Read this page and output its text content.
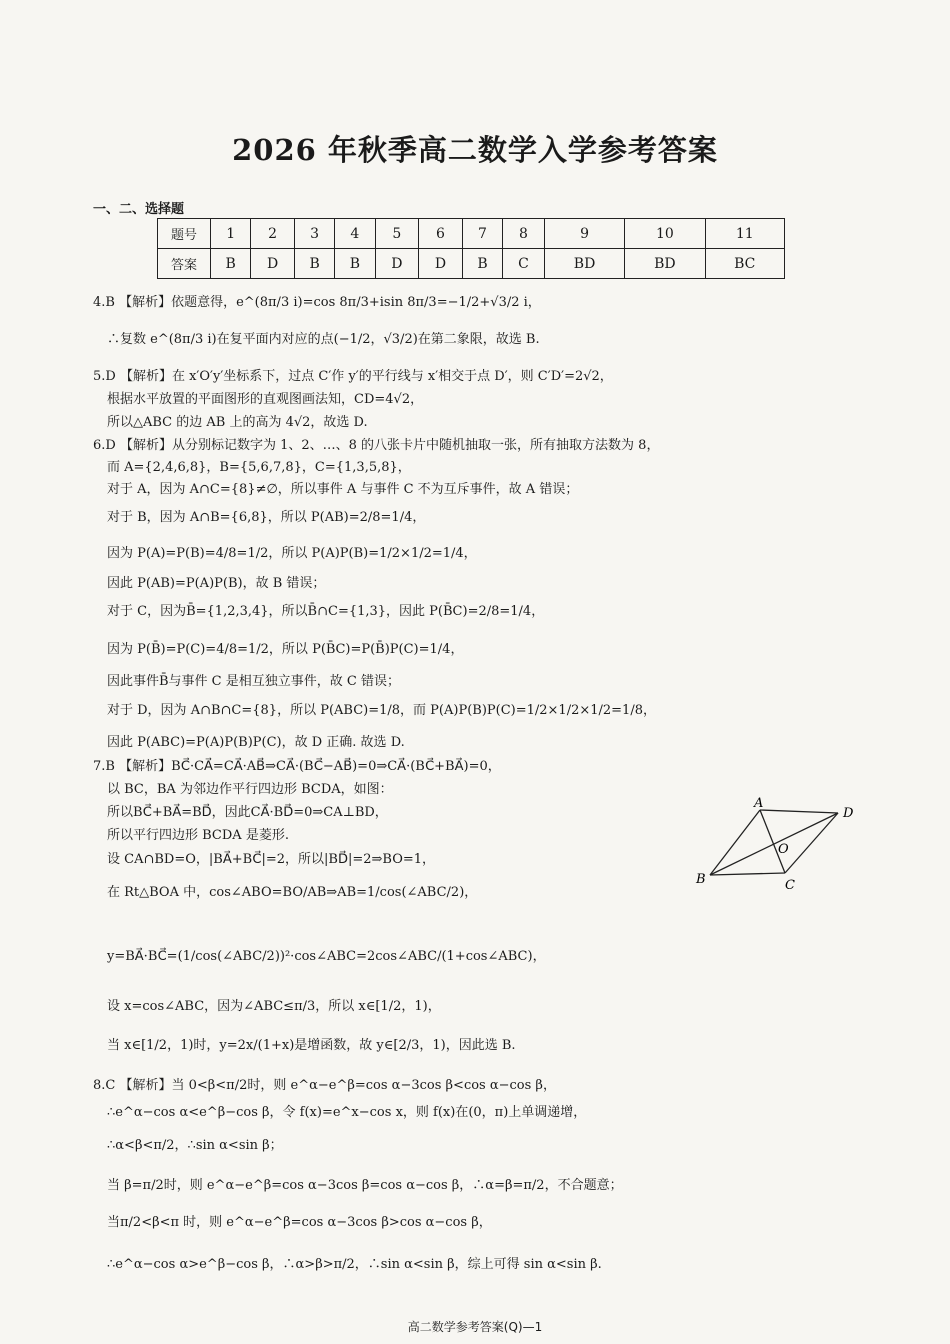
2026 年秋季高二数学入学参考答案
一、二、选择题
题号	1	2	3	4	5	6	7	8	9	10	11
答案	B	D	B	B	D	D	B	C	BD	BD	BC
4.B 【解析】依题意得，e^(8π/3 i)=cos 8π/3+isin 8π/3=−1/2+√3/2 i，
∴复数 e^(8π/3 i)在复平面内对应的点(−1/2，√3/2)在第二象限，故选 B.
5.D 【解析】在 x′O′y′坐标系下，过点 C′作 y′的平行线与 x′相交于点 D′，则 C′D′=2√2，
根据水平放置的平面图形的直观图画法知，CD=4√2，
所以△ABC 的边 AB 上的高为 4√2，故选 D.
6.D 【解析】从分别标记数字为 1、2、…、8 的八张卡片中随机抽取一张，所有抽取方法数为 8，
而 A={2,4,6,8}，B={5,6,7,8}，C={1,3,5,8}，
对于 A，因为 A∩C={8}≠∅，所以事件 A 与事件 C 不为互斥事件，故 A 错误；
对于 B，因为 A∩B={6,8}，所以 P(AB)=2/8=1/4，
因为 P(A)=P(B)=4/8=1/2，所以 P(A)P(B)=1/2×1/2=1/4，
因此 P(AB)=P(A)P(B)，故 B 错误；
对于 C，因为B̄={1,2,3,4}，所以B̄∩C={1,3}，因此 P(B̄C)=2/8=1/4，
因为 P(B̄)=P(C)=4/8=1/2，所以 P(B̄C)=P(B̄)P(C)=1/4，
因此事件B̄与事件 C 是相互独立事件，故 C 错误；
对于 D，因为 A∩B∩C={8}，所以 P(ABC)=1/8，而 P(A)P(B)P(C)=1/2×1/2×1/2=1/8，
因此 P(ABC)=P(A)P(B)P(C)，故 D 正确. 故选 D.
7.B 【解析】BC⃗·CA⃗=CA⃗·AB⃗⇒CA⃗·(BC⃗−AB⃗)=0⇒CA⃗·(BC⃗+BA⃗)=0，
以 BC，BA 为邻边作平行四边形 BCDA，如图：
所以BC⃗+BA⃗=BD⃗，因此CA⃗·BD⃗=0⇒CA⊥BD，
所以平行四边形 BCDA 是菱形.
设 CA∩BD=O，|BA⃗+BC⃗|=2，所以|BD⃗|=2⇒BO=1，
在 Rt△BOA 中，cos∠ABO=BO/AB⇒AB=1/cos(∠ABC/2)，
y=BA⃗·BC⃗=(1/cos(∠ABC/2))²·cos∠ABC=2cos∠ABC/(1+cos∠ABC)，
设 x=cos∠ABC，因为∠ABC≤π/3，所以 x∈[1/2，1)，
当 x∈[1/2，1)时，y=2x/(1+x)是增函数，故 y∈[2/3，1)，因此选 B.
8.C 【解析】当 0<β<π/2时，则 e^α−e^β=cos α−3cos β<cos α−cos β，
∴e^α−cos α<e^β−cos β，令 f(x)=e^x−cos x，则 f(x)在(0，π)上单调递增，
∴α<β<π/2，∴sin α<sin β；
当 β=π/2时，则 e^α−e^β=cos α−3cos β=cos α−cos β，∴α=β=π/2，不合题意；
当π/2<β<π 时，则 e^α−e^β=cos α−3cos β>cos α−cos β，
∴e^α−cos α>e^β−cos β，∴α>β>π/2，∴sin α<sin β，综上可得 sin α<sin β.
A
B	C
D
O
高二数学参考答案(Q)—1
